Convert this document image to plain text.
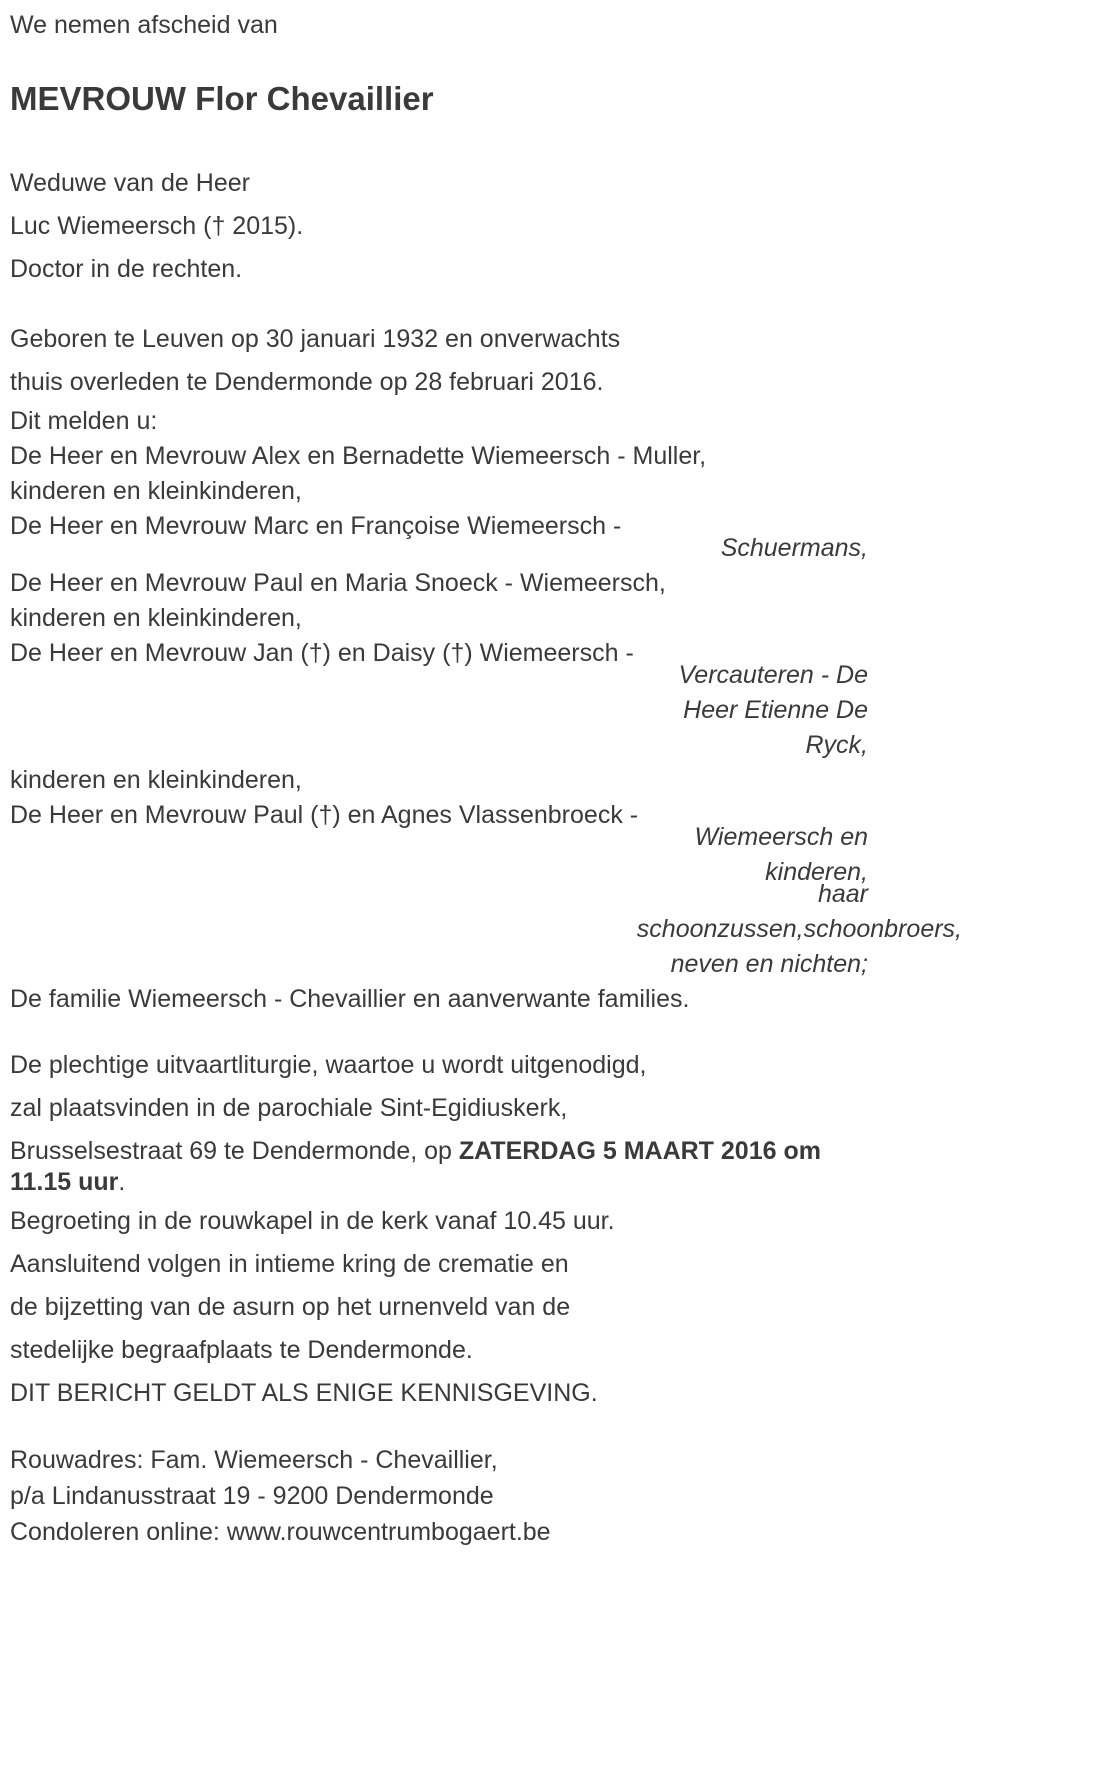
We nemen afscheid van
MEVROUW Flor Chevaillier
Weduwe van de Heer
Luc Wiemeersch († 2015).
Doctor in de rechten.
Geboren te Leuven op 30 januari 1932 en onverwachts
thuis overleden te Dendermonde op 28 februari 2016.
Dit melden u:
De Heer en Mevrouw Alex en Bernadette Wiemeersch - Muller,
kinderen en kleinkinderen,
De Heer en Mevrouw Marc en Françoise Wiemeersch -
Schuermans,
De Heer en Mevrouw Paul en Maria Snoeck - Wiemeersch,
kinderen en kleinkinderen,
De Heer en Mevrouw Jan (†) en Daisy (†) Wiemeersch -
Vercauteren - De
Heer Etienne De
Ryck,
kinderen en kleinkinderen,
De Heer en Mevrouw Paul (†) en Agnes Vlassenbroeck -
Wiemeersch en
kinderen,
haar
schoonzussen,schoonbroers,
neven en nichten;
De familie Wiemeersch - Chevaillier en aanverwante families.
De plechtige uitvaartliturgie, waartoe u wordt uitgenodigd,
zal plaatsvinden in de parochiale Sint-Egidiuskerk,
Brusselsestraat 69 te Dendermonde, op ZATERDAG 5 MAART 2016 om
11.15 uur.
Begroeting in de rouwkapel in de kerk vanaf 10.45 uur.
Aansluitend volgen in intieme kring de crematie en
de bijzetting van de asurn op het urnenveld van de
stedelijke begraafplaats te Dendermonde.
DIT BERICHT GELDT ALS ENIGE KENNISGEVING.
Rouwadres: Fam. Wiemeersch - Chevaillier,
p/a Lindanusstraat 19 - 9200 Dendermonde
Condoleren online: www.rouwcentrumbogaert.be
